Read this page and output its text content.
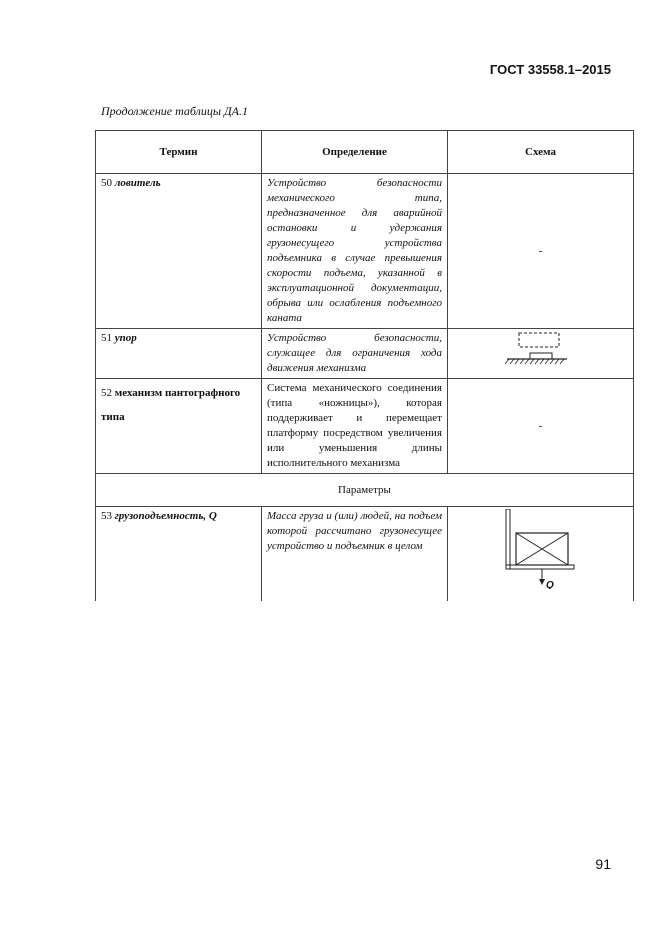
ГОСТ 33558.1–2015
Продолжение таблицы ДА.1
Термин	Определение	Схема
50 ловитель	Устройство безопасности механического типа, предназначенное для аварийной остановки и удержания грузонесущего устройства подъемника в случае превышения скорости подъема, указанной в эксплуатационной документации, обрыва или ослабления подъемного каната	-
51 упор	Устройство безопасности, служащее для ограничения хода движения механизма	

52 механизм пантографного типа	Система механического соединения (типа «ножницы»), которая поддерживает и перемещает платформу посредством увеличения или уменьшения длины исполнительного механизма	-
Параметры		
53 грузоподъемность, Q	Масса груза и (или) людей, на подъем которой рассчитано грузонесущее устройство и подъемник в целом	Q
91
